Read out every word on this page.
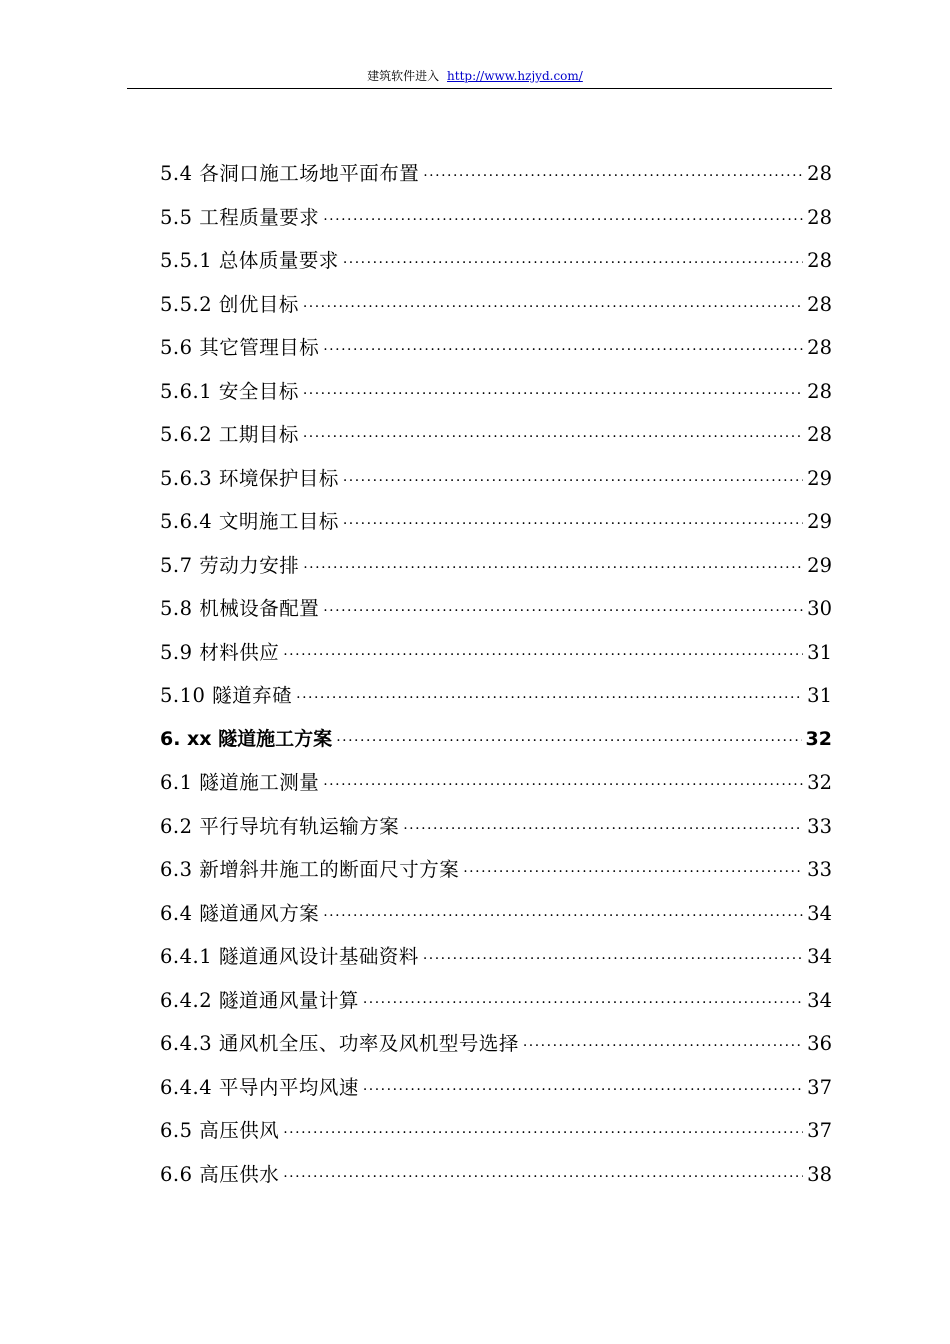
建筑软件进入 http://www.hzjyd.com/
5.4 各洞口施工场地平面布置 ·····	28
5.5 工程质量要求 ·····	28
5.5.1 总体质量要求 ·····	28
5.5.2 创优目标 ·····	28
5.6 其它管理目标 ·····	28
5.6.1 安全目标 ·····	28
5.6.2 工期目标 ·····	28
5.6.3 环境保护目标 ·····	29
5.6.4 文明施工目标 ·····	29
5.7 劳动力安排 ·····	29
5.8 机械设备配置 ·····	30
5.9 材料供应 ·····	31
5.10 隧道弃碴 ·····	31
6. xx 隧道施工方案 ·····	32
6.1 隧道施工测量 ·····	32
6.2 平行导坑有轨运输方案 ·····	33
6.3 新增斜井施工的断面尺寸方案 ·····	33
6.4 隧道通风方案 ·····	34
6.4.1 隧道通风设计基础资料 ·····	34
6.4.2 隧道通风量计算 ·····	34
6.4.3 通风机全压、功率及风机型号选择 ·····	36
6.4.4 平导内平均风速 ·····	37
6.5 高压供风 ·····	37
6.6 高压供水 ·····	38
